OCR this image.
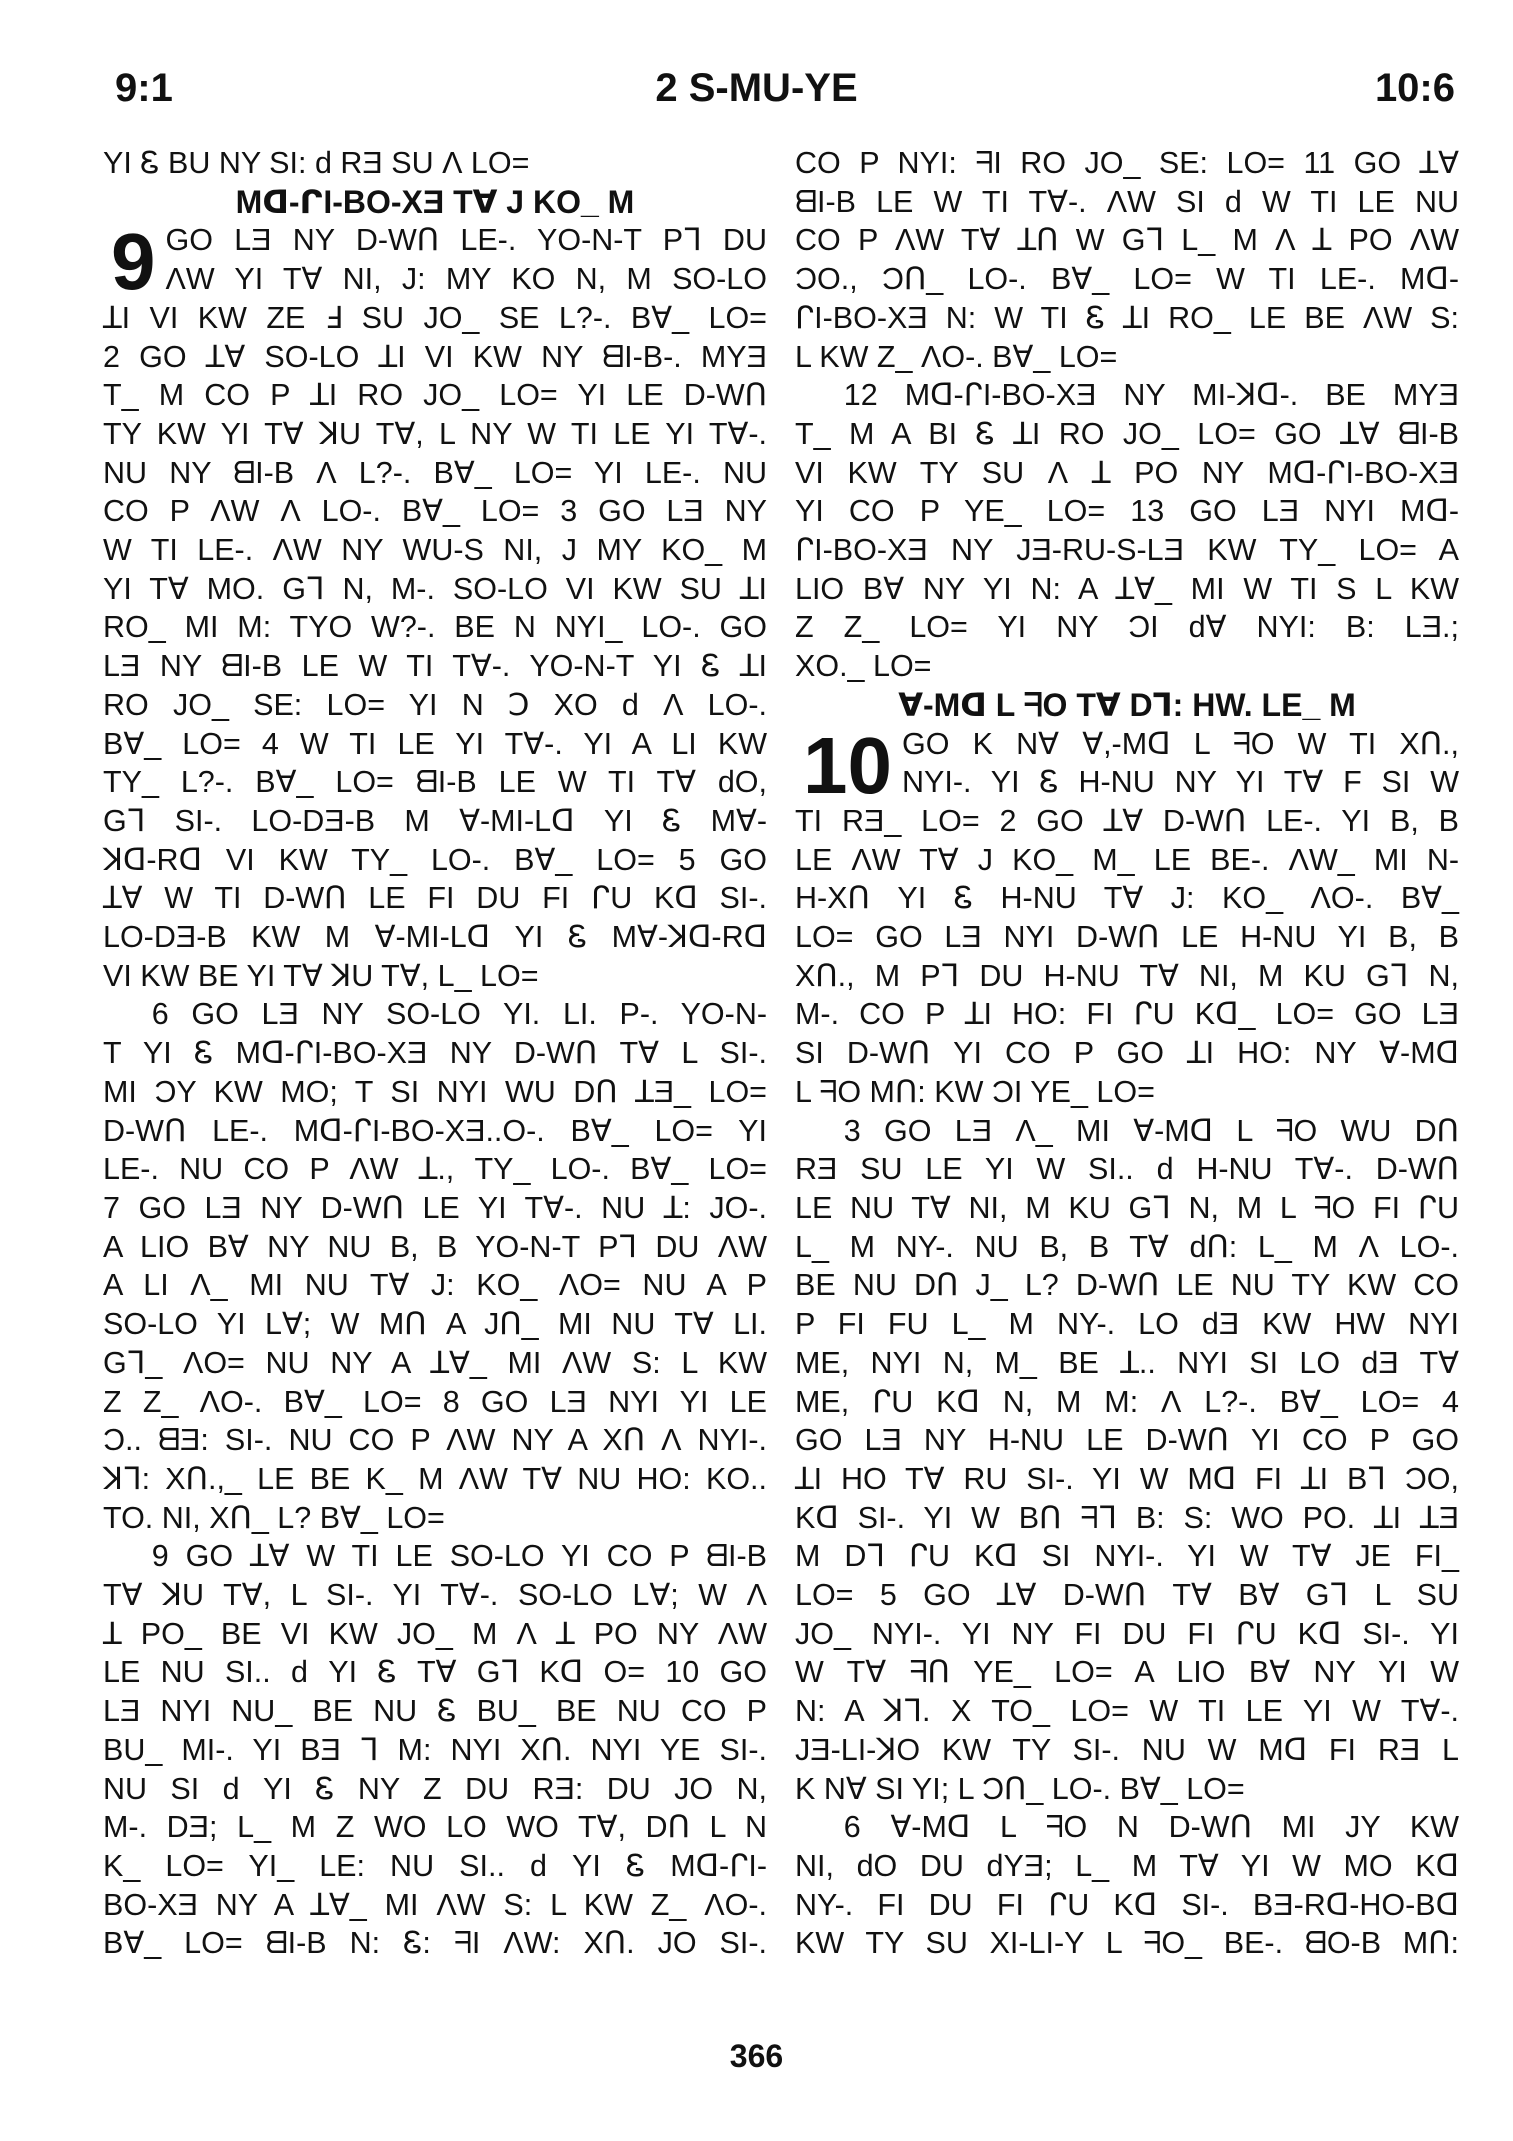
9:1	2 S-MU-YE	10:6

YI Ꮛ BU NY SI: ԁ RƎ SU Ʌ LO=

Mᗡ-ᒋI-BO-XƎ TⱯ J KO_ M

9 GO LƎ NY D-Wᑎ LE-. YO-N-T Pᒣ DU
ɅW YI TⱯ NI, J: MY KO N, M SO-LO

ꓕI VI KW ZE Ⅎ SU JO_ SE L?-. BⱯ_ LO=

2 GO ꓕⱯ SO-LO ꓕI VI KW NY ᗺI-B-. MYƎ

T_ M CO P ꓕI RO JO_ LO= YI LE D-Wᑎ

TY KW YI TⱯ ꓘU TⱯ, L NY W TI LE YI TⱯ-.

NU NY ᗺI-B Ʌ L?-. BⱯ_ LO= YI LE-. NU

CO P ɅW Ʌ LO-. BⱯ_ LO= 3 GO LƎ NY

W TI LE-. ɅW NY WU-S NI, J MY KO_ M

YI TⱯ MO. Gᒣ N, M-. SO-LO VI KW SU ꓕI

RO_ MI M: TYO W?-. BE N NYI_ LO-. GO

LƎ NY ᗺI-B LE W TI TⱯ-. YO-N-T YI Ꮛ ꓕI

RO JO_ SE: LO= YI N Ↄ XO ԁ Ʌ LO-.

BⱯ_ LO= 4 W TI LE YI TⱯ-. YI A LI KW

TY_ L?-. BⱯ_ LO= ᗺI-B LE W TI TⱯ ԁO,

Gᒣ SI-. LO-DƎ-B M Ɐ-MI-Lᗡ YI Ꮛ MⱯ-

ꓘᗡ-Rᗡ VI KW TY_ LO-. BⱯ_ LO= 5 GO

ꓕⱯ W TI D-Wᑎ LE FI DU FI ᒋU Kᗡ SI-.

LO-DƎ-B KW M Ɐ-MI-Lᗡ YI Ꮛ MⱯ-ꓘᗡ-Rᗡ

VI KW BE YI TⱯ ꓘU TⱯ, L_ LO=

6 GO LƎ NY SO-LO YI. LI. P-. YO-N-

T YI Ꮛ Mᗡ-ᒋI-BO-XƎ NY D-Wᑎ TⱯ L SI-.

MI ϽY KW MO; T SI NYI WU Dᑎ ꓕƎ_ LO=

D-Wᑎ LE-. Mᗡ-ᒋI-BO-XƎ..O-. BⱯ_ LO= YI

LE-. NU CO P ɅW ꓕ., TY_ LO-. BⱯ_ LO=

7 GO LƎ NY D-Wᑎ LE YI TⱯ-. NU ꓕ: JO-.

A LIO BⱯ NY NU B, B YO-N-T Pᒣ DU ɅW

A LI Ʌ_ MI NU TⱯ J: KO_ ɅO= NU A P

SO-LO YI LⱯ; W Mᑎ A Jᑎ_ MI NU TⱯ LI.

Gᒣ_ ɅO= NU NY A ꓕⱯ_ MI ɅW S: L KW

Z Z_ ɅO-. BⱯ_ LO= 8 GO LƎ NYI YI LE

Ͻ.. ᗺƎ: SI-. NU CO P ɅW NY A Xᑎ Ʌ NYI-.

ꓘᒣ: Xᑎ.,_ LE BE K_ M ɅW TⱯ NU HO: KO..

TO. NI, Xᑎ_ L? BⱯ_ LO=

9 GO ꓕⱯ W TI LE SO-LO YI CO P ᗺI-B

TⱯ ꓘU TⱯ, L SI-. YI TⱯ-. SO-LO LⱯ; W Ʌ

ꓕ PO_ BE VI KW JO_ M Ʌ ꓕ PO NY ɅW

LE NU SI.. ԁ YI Ꮛ TⱯ Gᒣ Kᗡ O= 10 GO

LƎ NYI NU_ BE NU Ꮛ BU_ BE NU CO P

BU_ MI-. YI BƎ ᒣ M: NYI Xᑎ. NYI YE SI-.

NU SI ԁ YI Ꮛ NY Z DU RƎ: DU JO N,

M-. DƎ; L_ M Z WO LO WO TⱯ, Dᑎ L N

K_ LO= YI_ LE: NU SI.. ԁ YI Ꮛ Mᗡ-ᒋI-

BO-XƎ NY A ꓕⱯ_ MI ɅW S: L KW Z_ ɅO-.

BⱯ_ LO= ᗺI-B N: Ꮛ: ᖷI ɅW: Xᑎ. JO SI-.

CO P NYI: ᖷI RO JO_ SE: LO= 11 GO ꓕⱯ

ᗺI-B LE W TI TⱯ-. ɅW SI ԁ W TI LE NU

CO P ɅW TⱯ ꓕᑎ W Gᒣ L_ M Ʌ ꓕ PO ɅW

ϽO., Ͻᑎ_ LO-. BⱯ_ LO= W TI LE-. Mᗡ-

ᒋI-BO-XƎ N: W TI Ꮛ ꓕI RO_ LE BE ɅW S:

L KW Z_ ɅO-. BⱯ_ LO=

12 Mᗡ-ᒋI-BO-XƎ NY MI-ꓘᗡ-. BE MYƎ

T_ M A BI Ꮛ ꓕI RO JO_ LO= GO ꓕⱯ ᗺI-B

VI KW TY SU Ʌ ꓕ PO NY Mᗡ-ᒋI-BO-XƎ

YI CO P YE_ LO= 13 GO LƎ NYI Mᗡ-

ᒋI-BO-XƎ NY JƎ-RU-S-LƎ KW TY_ LO= A

LIO BⱯ NY YI N: A ꓕⱯ_ MI W TI S L KW

Z Z_ LO= YI NY ϽI ԁⱯ NYI: B: LƎ.;

XO._ LO=

Ɐ-Mᗡ L ᖷO TⱯ Dᒣ: HW. LE_ M

10 GO K NⱯ Ɐ,-Mᗡ L ᖷO W TI Xᑎ.,
NYI-. YI Ꮛ H-NU NY YI TⱯ F SI W

TI RƎ_ LO= 2 GO ꓕⱯ D-Wᑎ LE-. YI B, B

LE ɅW TⱯ J KO_ M_ LE BE-. ɅW_ MI N-

H-Xᑎ YI Ꮛ H-NU TⱯ J: KO_ ɅO-. BⱯ_

LO= GO LƎ NYI D-Wᑎ LE H-NU YI B, B

Xᑎ., M Pᒣ DU H-NU TⱯ NI, M KU Gᒣ N,

M-. CO P ꓕI HO: FI ᒋU Kᗡ_ LO= GO LƎ

SI D-Wᑎ YI CO P GO ꓕI HO: NY Ɐ-Mᗡ

L ᖷO Mᑎ: KW ϽI YE_ LO=

3 GO LƎ Ʌ_ MI Ɐ-Mᗡ L ᖷO WU Dᑎ

RƎ SU LE YI W SI.. ԁ H-NU TⱯ-. D-Wᑎ

LE NU TⱯ NI, M KU Gᒣ N, M L ᖷO FI ᒋU

L_ M NY-. NU B, B TⱯ ԁᑎ: L_ M Ʌ LO-.

BE NU Dᑎ J_ L? D-Wᑎ LE NU TY KW CO

P FI FU L_ M NY-. LO ԁƎ KW HW NYI

ME, NYI N, M_ BE ꓕ.. NYI SI LO ԁƎ TⱯ

ME, ᒋU Kᗡ N, M M: Ʌ L?-. BⱯ_ LO= 4

GO LƎ NY H-NU LE D-Wᑎ YI CO P GO

ꓕI HO TⱯ RU SI-. YI W Mᗡ FI ꓕI Bᒣ ϽO,

Kᗡ SI-. YI W Bᑎ ᖷᒣ B: S: WO PO. ꓕI ꓕƎ

M Dᒣ ᒋU Kᗡ SI NYI-. YI W TⱯ JE FI_

LO= 5 GO ꓕⱯ D-Wᑎ TⱯ BⱯ Gᒣ L SU

JO_ NYI-. YI NY FI DU FI ᒋU Kᗡ SI-. YI

W TⱯ ᖷᑎ YE_ LO= A LIO BⱯ NY YI W

N: A ꓘᒣ. X TO_ LO= W TI LE YI W TⱯ-.

JƎ-LI-ꓘO KW TY SI-. NU W Mᗡ FI RƎ L

K NⱯ SI YI; L Ͻᑎ_ LO-. BⱯ_ LO=

6 Ɐ-Mᗡ L ᖷO N D-Wᑎ MI JY KW

NI, ԁO DU ԁYƎ; L_ M TⱯ YI W MO Kᗡ

NY-. FI DU FI ᒋU Kᗡ SI-. BƎ-Rᗡ-HO-Bᗡ

KW TY SU XI-LI-Y L ᖷO_ BE-. ᗺO-B Mᑎ:

366
